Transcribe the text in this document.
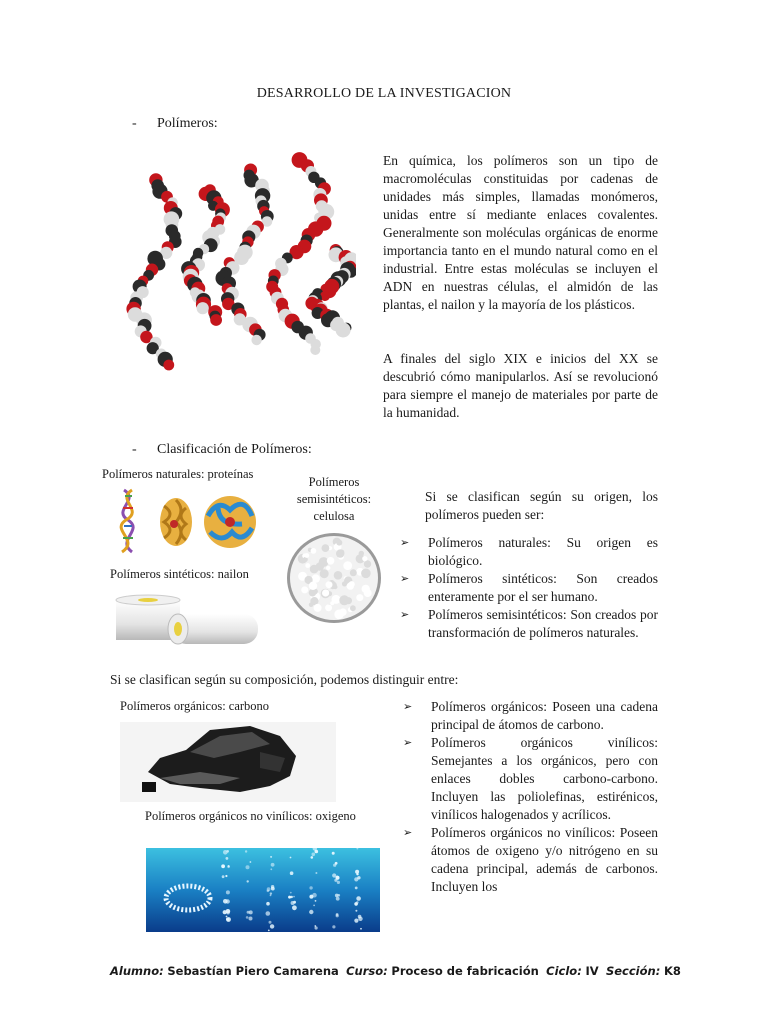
DESARROLLO DE LA INVESTIGACION
- Polímeros:
En química, los polímeros son un tipo de macromoléculas constituidas por cadenas de unidades más simples, llamadas monómeros, unidas entre sí mediante enlaces covalentes. Generalmente son moléculas orgánicas de enorme importancia tanto en el mundo natural como en el industrial. Entre estas moléculas se incluyen el ADN en nuestras células, el almidón de las plantas, el nailon y la mayoría de los plásticos.
A finales del siglo XIX e inicios del XX se descubrió cómo manipularlos. Así se revolucionó para siempre el manejo de materiales por parte de la humanidad.
- Clasificación de Polímeros:
Polímeros naturales: proteínas
Polímeros semisintéticos: celulosa
Polímeros sintéticos: nailon
Si se clasifican según su origen, los polímeros pueden ser:
➢ Polímeros naturales: Su origen es biológico.
➢ Polímeros sintéticos: Son creados enteramente por el ser humano.
➢ Polímeros semisintéticos: Son creados por transformación de polímeros naturales.
Si se clasifican según su composición, podemos distinguir entre:
Polímeros orgánicos: carbono
Polímeros orgánicos no vinílicos: oxigeno
➢ Polímeros orgánicos: Poseen una cadena principal de átomos de carbono.
➢ Polímeros orgánicos vinílicos: Semejantes a los orgánicos, pero con enlaces dobles carbono-carbono. Incluyen las poliolefinas, estirénicos, vinílicos halogenados y acrílicos.
➢ Polímeros orgánicos no vinílicos: Poseen átomos de oxigeno y/o nitrógeno en su cadena principal, además de carbonos. Incluyen los
Alumno: Sebastían Piero Camarena Curso: Proceso de fabricación Ciclo: IV Sección: K8
